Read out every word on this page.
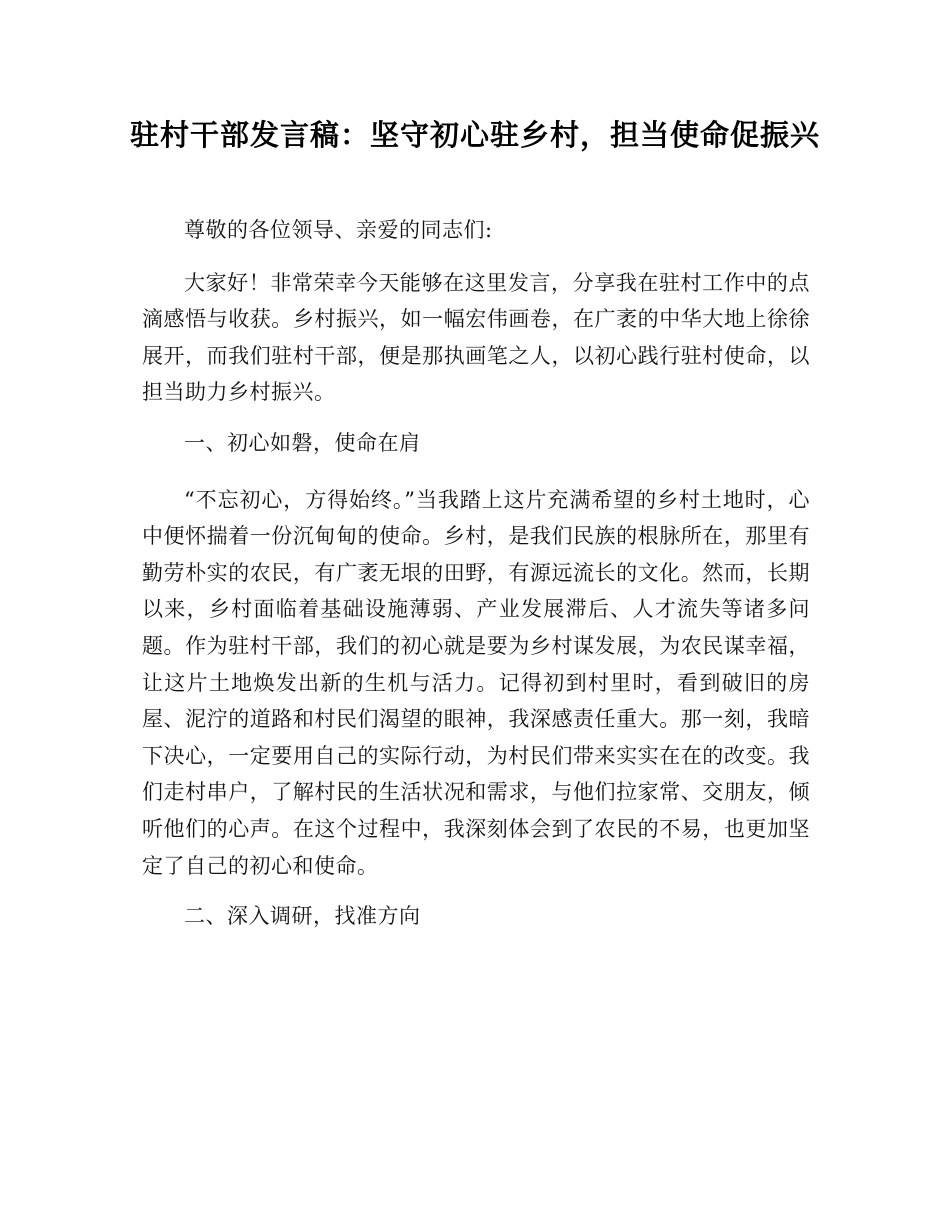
驻村干部发言稿：坚守初心驻乡村，担当使命促振兴

尊敬的各位领导、亲爱的同志们:

大家好！非常荣幸今天能够在这里发言，分享我在驻村工作中的点滴感悟与收获。乡村振兴，如一幅宏伟画卷，在广袤的中华大地上徐徐展开，而我们驻村干部，便是那执画笔之人，以初心践行驻村使命，以担当助力乡村振兴。

一、初心如磐，使命在肩

“不忘初心，方得始终。”当我踏上这片充满希望的乡村土地时，心中便怀揣着一份沉甸甸的使命。乡村，是我们民族的根脉所在，那里有勤劳朴实的农民，有广袤无垠的田野，有源远流长的文化。然而，长期以来，乡村面临着基础设施薄弱、产业发展滞后、人才流失等诸多问题。作为驻村干部，我们的初心就是要为乡村谋发展，为农民谋幸福，让这片土地焕发出新的生机与活力。记得初到村里时，看到破旧的房屋、泥泞的道路和村民们渴望的眼神，我深感责任重大。那一刻，我暗下决心，一定要用自己的实际行动，为村民们带来实实在在的改变。我们走村串户，了解村民的生活状况和需求，与他们拉家常、交朋友，倾听他们的心声。在这个过程中，我深刻体会到了农民的不易，也更加坚定了自己的初心和使命。

二、深入调研，找准方向
